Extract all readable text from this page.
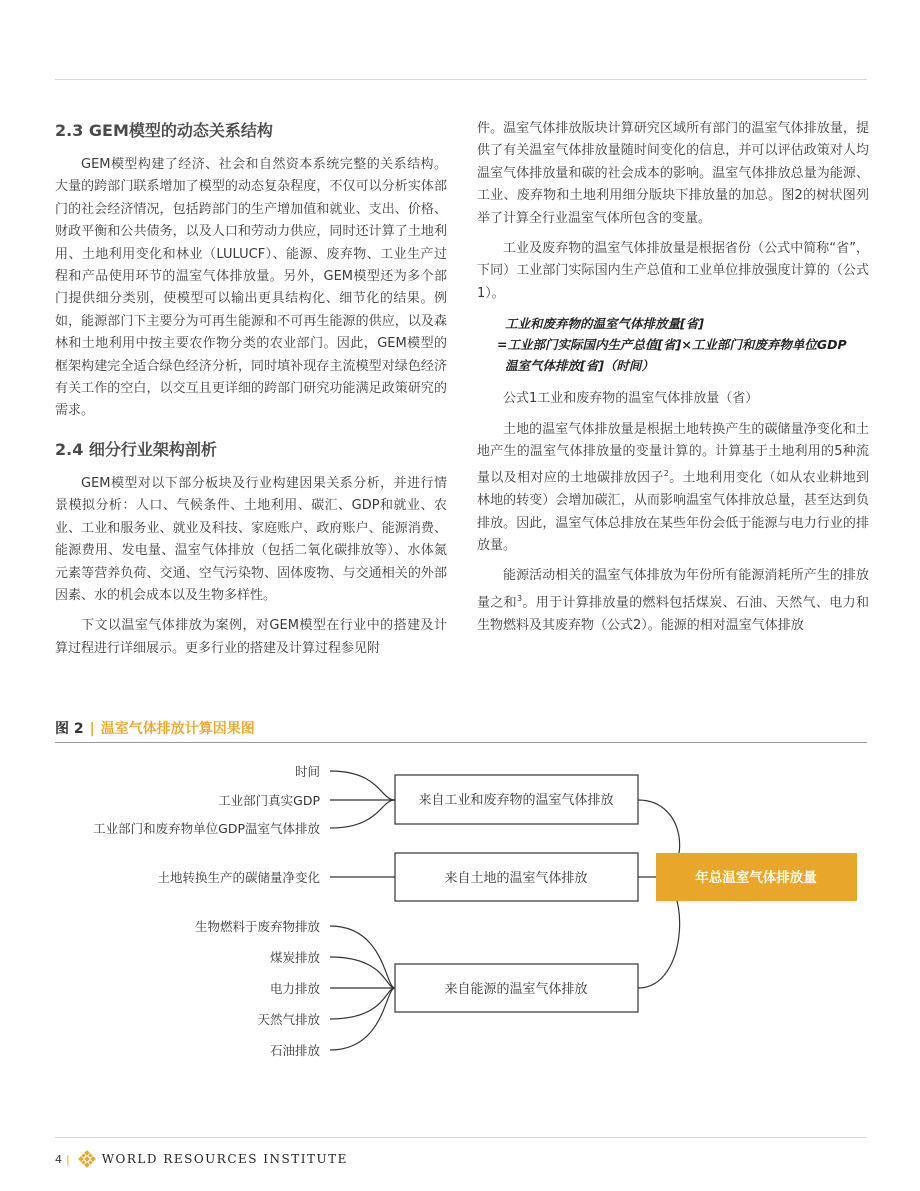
2.3 GEM模型的动态关系结构

GEM模型构建了经济、社会和自然资本系统完整的关系结构。大量的跨部门联系增加了模型的动态复杂程度，不仅可以分析实体部门的社会经济情况，包括跨部门的生产增加值和就业、支出、价格、财政平衡和公共债务，以及人口和劳动力供应，同时还计算了土地利用、土地利用变化和林业（LULUCF）、能源、废弃物、工业生产过程和产品使用环节的温室气体排放量。另外，GEM模型还为多个部门提供细分类别，使模型可以输出更具结构化、细节化的结果。例如，能源部门下主要分为可再生能源和不可再生能源的供应，以及森林和土地利用中按主要农作物分类的农业部门。因此，GEM模型的框架构建完全适合绿色经济分析，同时填补现存主流模型对绿色经济有关工作的空白，以交互且更详细的跨部门研究功能满足政策研究的需求。

2.4 细分行业架构剖析

GEM模型对以下部分板块及行业构建因果关系分析，并进行情景模拟分析：人口、气候条件、土地利用、碳汇、GDP和就业、农业、工业和服务业、就业及科技、家庭账户、政府账户、能源消费、能源费用、发电量、温室气体排放（包括二氧化碳排放等）、水体氮元素等营养负荷、交通、空气污染物、固体废物、与交通相关的外部因素、水的机会成本以及生物多样性。

下文以温室气体排放为案例，对GEM模型在行业中的搭建及计算过程进行详细展示。更多行业的搭建及计算过程参见附

件。温室气体排放版块计算研究区域所有部门的温室气体排放量，提供了有关温室气体排放量随时间变化的信息，并可以评估政策对人均温室气体排放量和碳的社会成本的影响。温室气体排放总量为能源、工业、废弃物和土地利用细分版块下排放量的加总。图2的树状图列举了计算全行业温室气体所包含的变量。

工业及废弃物的温室气体排放量是根据省份（公式中简称“省”，下同）工业部门实际国内生产总值和工业单位排放强度计算的（公式1）。

工业和废弃物的温室气体排放量[省]
=工业部门实际国内生产总值[省]×工业部门和废弃物单位GDP
温室气体排放[省]（时间）

公式1工业和废弃物的温室气体排放量（省）

土地的温室气体排放量是根据土地转换产生的碳储量净变化和土地产生的温室气体排放量的变量计算的。计算基于土地利用的5种流量以及相对应的土地碳排放因子$^2$。土地利用变化（如从农业耕地到林地的转变）会增加碳汇，从而影响温室气体排放总量，甚至达到负排放。因此，温室气体总排放在某些年份会低于能源与电力行业的排放量。

能源活动相关的温室气体排放为年份所有能源消耗所产生的排放量之和$^3$。用于计算排放量的燃料包括煤炭、石油、天然气、电力和生物燃料及其废弃物（公式2）。能源的相对温室气体排放

图 2 | 温室气体排放计算因果图
时间
工业部门真实GDP
工业部门和废弃物单位GDP温室气体排放
土地转换生产的碳储量净变化
生物燃料于废弃物排放
煤炭排放
电力排放
天然气排放
石油排放
来自工业和废弃物的温室气体排放
来自土地的温室气体排放
来自能源的温室气体排放
年总温室气体排放量
4 |	WORLD RESOURCES INSTITUTE
